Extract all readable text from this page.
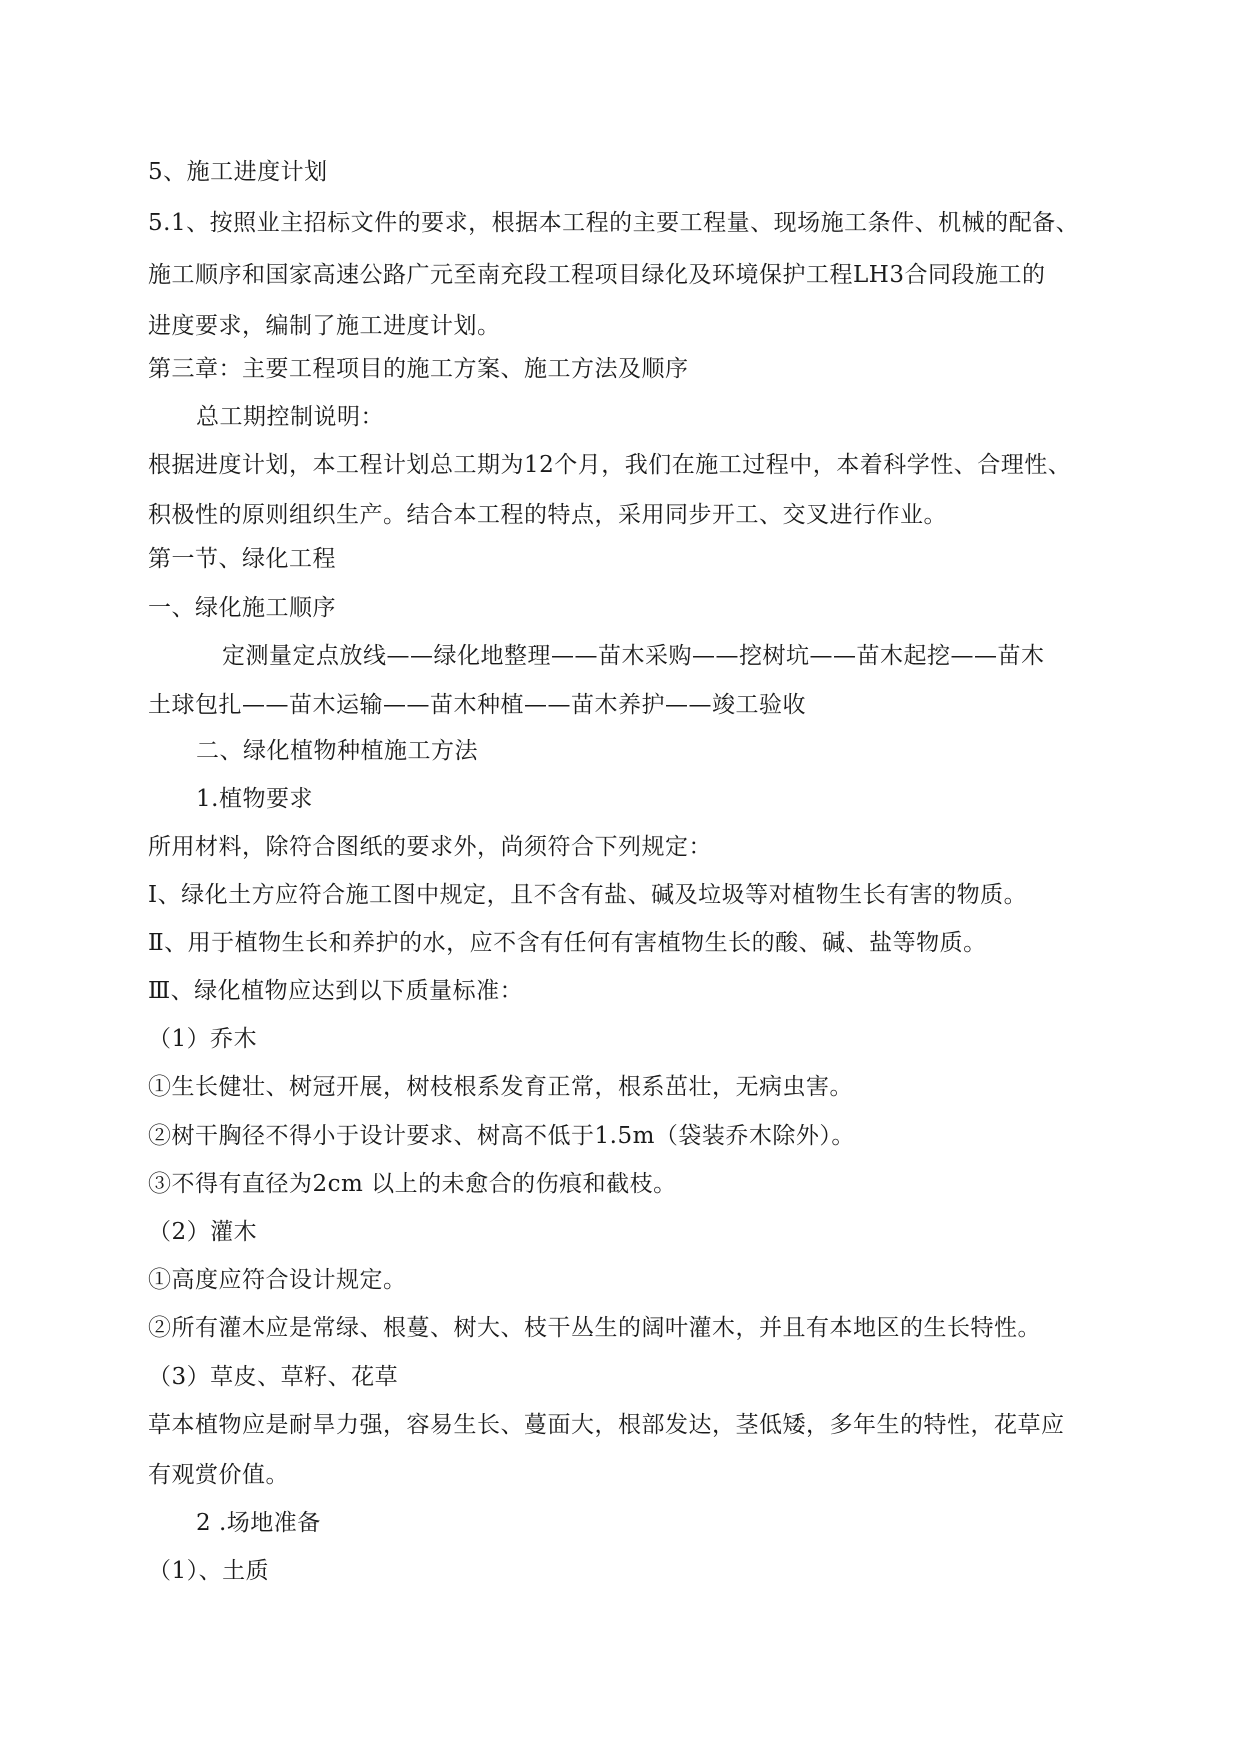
5、施工进度计划
5.1、按照业主招标文件的要求，根据本工程的主要工程量、现场施工条件、机械的配备、
施工顺序和国家高速公路广元至南充段工程项目绿化及环境保护工程LH3合同段施工的
进度要求，编制了施工进度计划。
第三章：主要工程项目的施工方案、施工方法及顺序
总工期控制说明：
根据进度计划，本工程计划总工期为12个月，我们在施工过程中，本着科学性、合理性、
积极性的原则组织生产。结合本工程的特点，采用同步开工、交叉进行作业。
第一节、绿化工程
一、绿化施工顺序
定测量定点放线——绿化地整理——苗木采购——挖树坑——苗木起挖——苗木
土球包扎——苗木运输——苗木种植——苗木养护——竣工验收
二、绿化植物种植施工方法
1.植物要求
所用材料，除符合图纸的要求外，尚须符合下列规定：
Ⅰ、绿化土方应符合施工图中规定，且不含有盐、碱及垃圾等对植物生长有害的物质。
Ⅱ、用于植物生长和养护的水，应不含有任何有害植物生长的酸、碱、盐等物质。
Ⅲ、绿化植物应达到以下质量标准：
（1）乔木
①生长健壮、树冠开展，树枝根系发育正常，根系茁壮，无病虫害。
②树干胸径不得小于设计要求、树高不低于1.5m（袋装乔木除外）。
③不得有直径为2cm 以上的未愈合的伤痕和截枝。
（2）灌木
①高度应符合设计规定。
②所有灌木应是常绿、根蔓、树大、枝干丛生的阔叶灌木，并且有本地区的生长特性。
（3）草皮、草籽、花草
草本植物应是耐旱力强，容易生长、蔓面大，根部发达，茎低矮，多年生的特性，花草应
有观赏价值。
2 .场地准备
（1）、土质
